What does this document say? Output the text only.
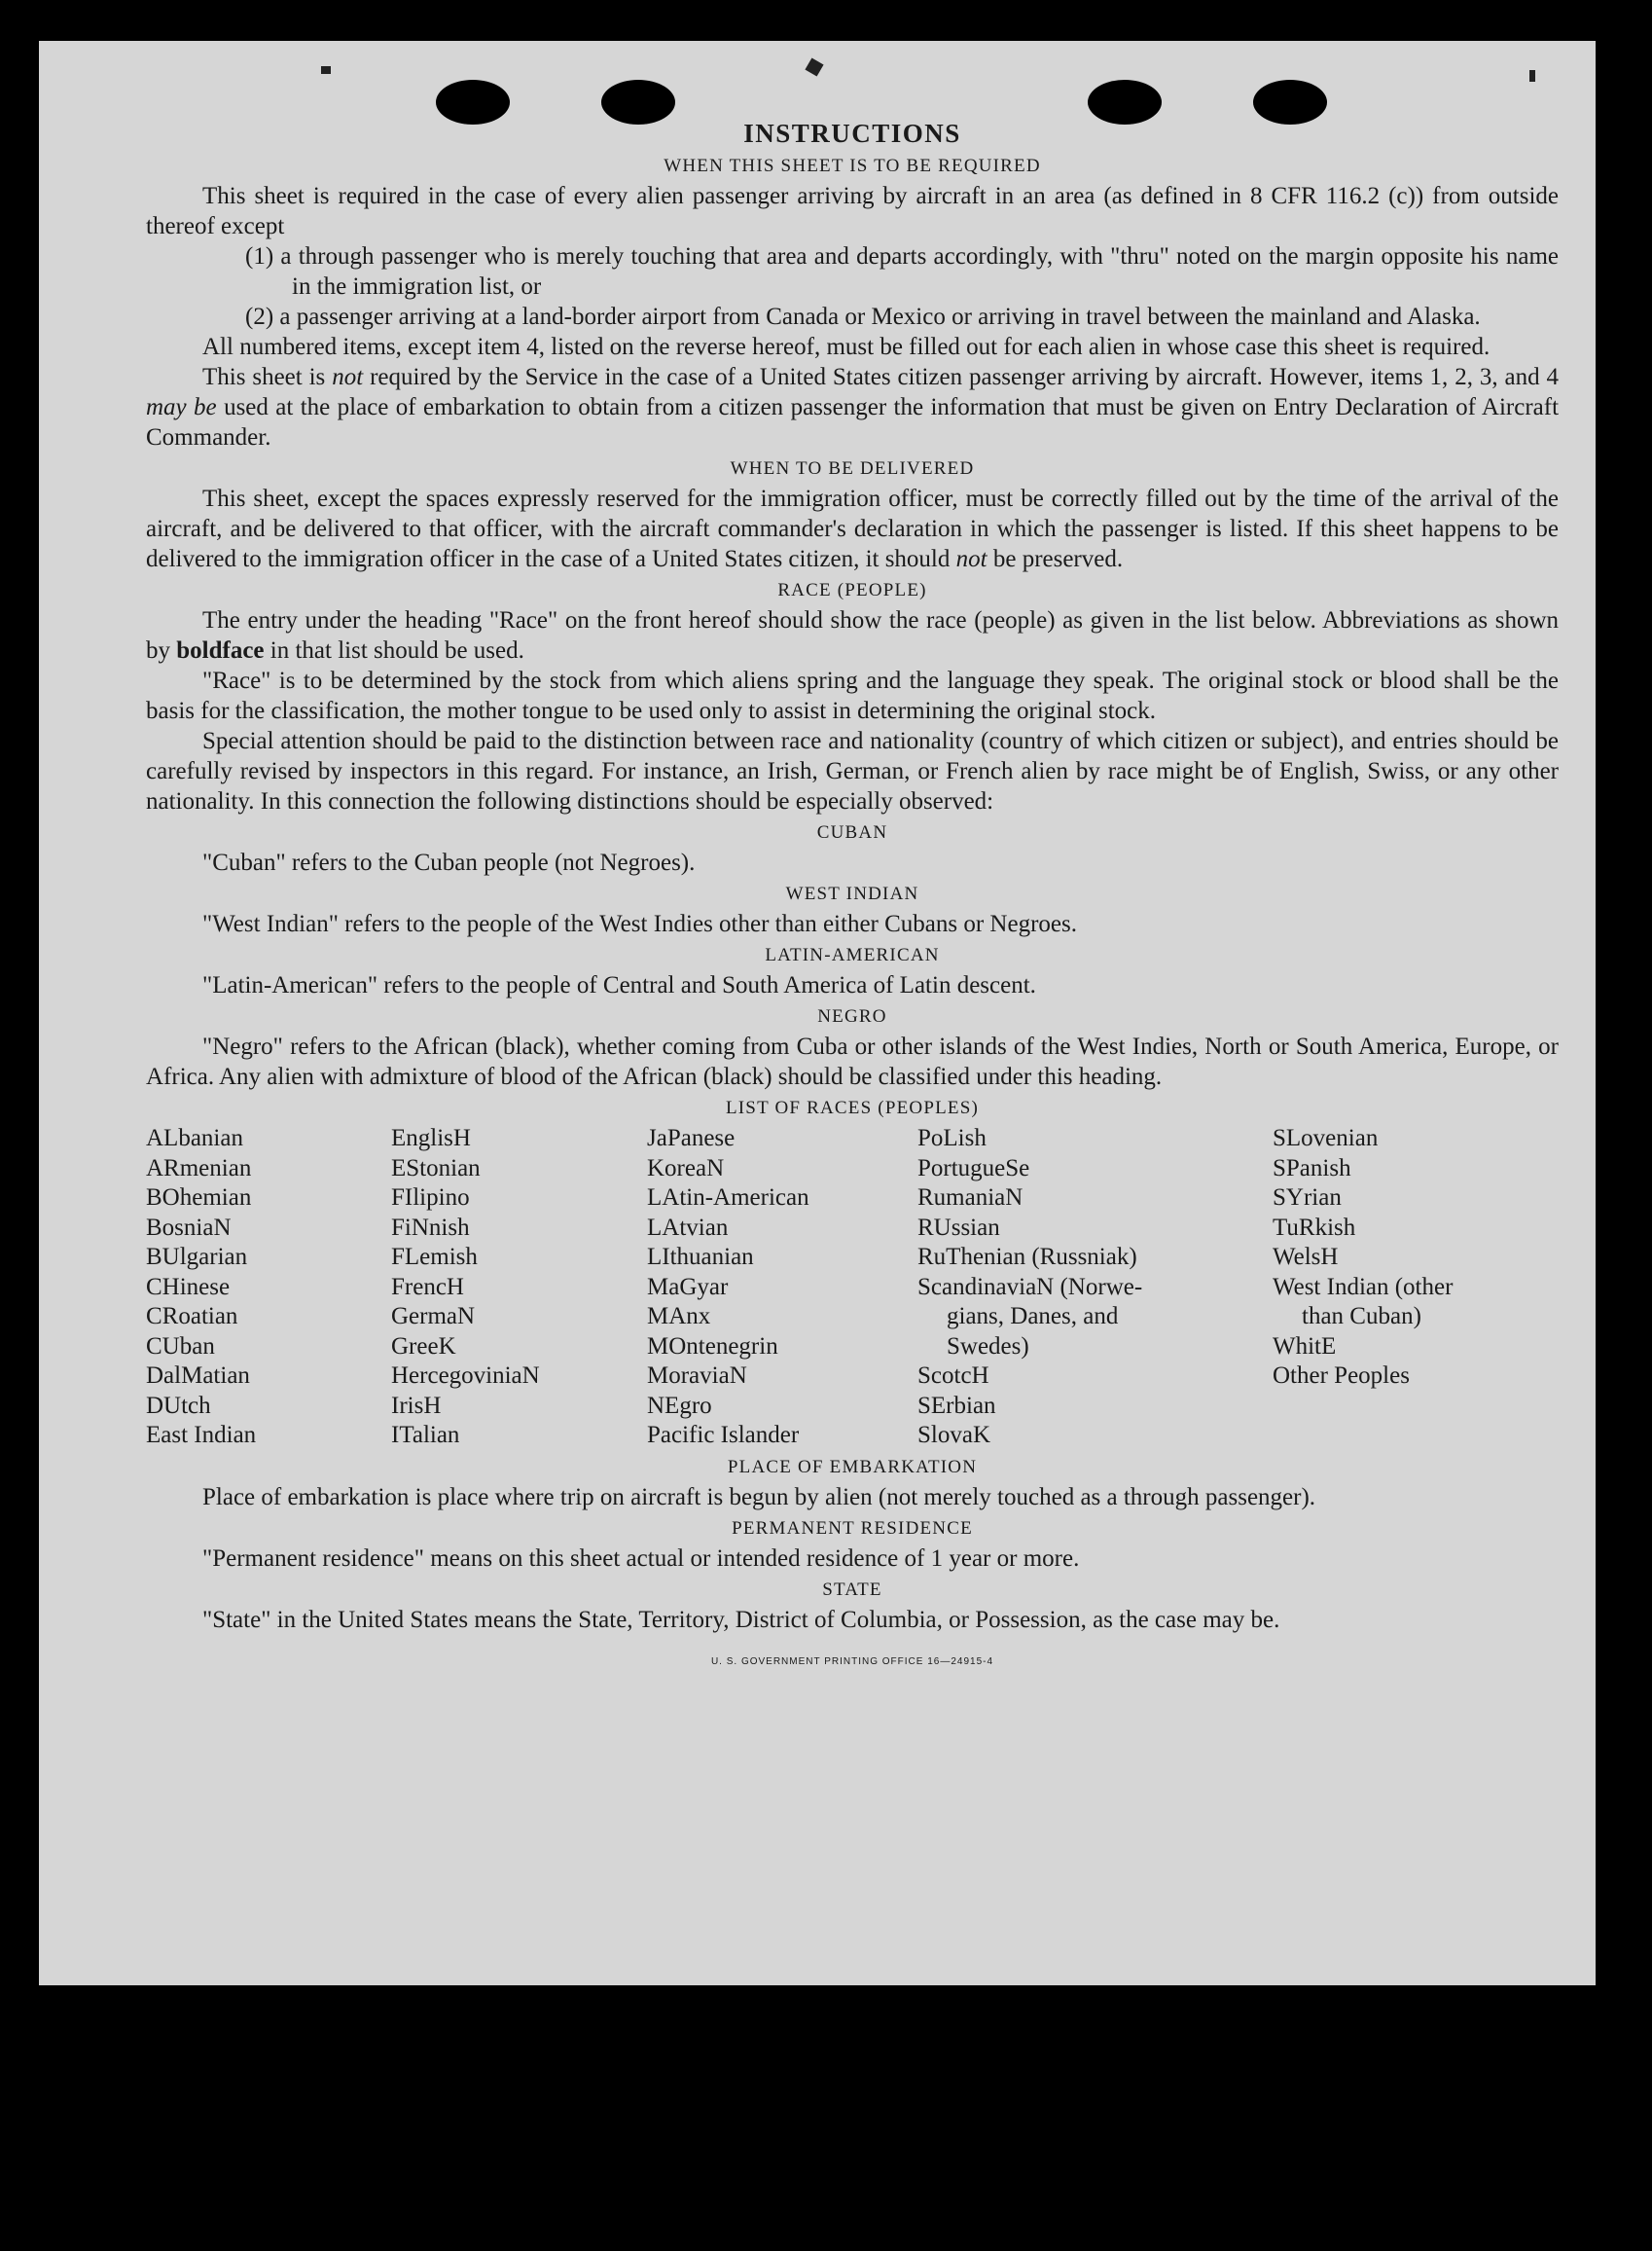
INSTRUCTIONS
WHEN THIS SHEET IS TO BE REQUIRED

This sheet is required in the case of every alien passenger arriving by aircraft in an area (as defined in 8 CFR 116.2 (c)) from outside thereof except

(1) a through passenger who is merely touching that area and departs accordingly, with "thru" noted on the margin opposite his name in the immigration list, or

(2) a passenger arriving at a land-border airport from Canada or Mexico or arriving in travel between the mainland and Alaska.

All numbered items, except item 4, listed on the reverse hereof, must be filled out for each alien in whose case this sheet is required.

This sheet is not required by the Service in the case of a United States citizen passenger arriving by aircraft. However, items 1, 2, 3, and 4 may be used at the place of embarkation to obtain from a citizen passenger the information that must be given on Entry Declaration of Aircraft Commander.

WHEN TO BE DELIVERED

This sheet, except the spaces expressly reserved for the immigration officer, must be correctly filled out by the time of the arrival of the aircraft, and be delivered to that officer, with the aircraft commander's declaration in which the passenger is listed. If this sheet happens to be delivered to the immigration officer in the case of a United States citizen, it should not be preserved.

RACE (PEOPLE)

The entry under the heading "Race" on the front hereof should show the race (people) as given in the list below. Abbreviations as shown by boldface in that list should be used.

"Race" is to be determined by the stock from which aliens spring and the language they speak. The original stock or blood shall be the basis for the classification, the mother tongue to be used only to assist in determining the original stock.

Special attention should be paid to the distinction between race and nationality (country of which citizen or subject), and entries should be carefully revised by inspectors in this regard. For instance, an Irish, German, or French alien by race might be of English, Swiss, or any other nationality. In this connection the following distinctions should be especially observed:

CUBAN

"Cuban" refers to the Cuban people (not Negroes).

WEST INDIAN

"West Indian" refers to the people of the West Indies other than either Cubans or Negroes.

LATIN-AMERICAN

"Latin-American" refers to the people of Central and South America of Latin descent.

NEGRO

"Negro" refers to the African (black), whether coming from Cuba or other islands of the West Indies, North or South America, Europe, or Africa. Any alien with admixture of blood of the African (black) should be classified under this heading.

LIST OF RACES (PEOPLES)
ALbanian
ARmenian
BOhemian
BosniaN
BUlgarian
CHinese
CRoatian
CUban
DalMatian
DUtch
East Indian
EnglisH
EStonian
FIlipino
FiNnish
FLemish
FrencH
GermaN
GreeK
HercegoviniaN
IrisH
ITalian
JaPanese
KoreaN
LAtin-American
LAtvian
LIthuanian
MaGyar
MAnx
MOntenegrin
MoraviaN
NEgro
Pacific Islander
PoLish
PortugueSe
RumaniaN
RUssian
RuThenian (Russniak)
ScandinaviaN (Norwe-
gians, Danes, and
Swedes)
ScotcH
SErbian
SlovaK
SLovenian
SPanish
SYrian
TuRkish
WelsH
West Indian (other
than Cuban)
WhitE
Other Peoples
PLACE OF EMBARKATION

Place of embarkation is place where trip on aircraft is begun by alien (not merely touched as a through passenger).

PERMANENT RESIDENCE

"Permanent residence" means on this sheet actual or intended residence of 1 year or more.

STATE

"State" in the United States means the State, Territory, District of Columbia, or Possession, as the case may be.

U. S. GOVERNMENT PRINTING OFFICE 16—24915-4
